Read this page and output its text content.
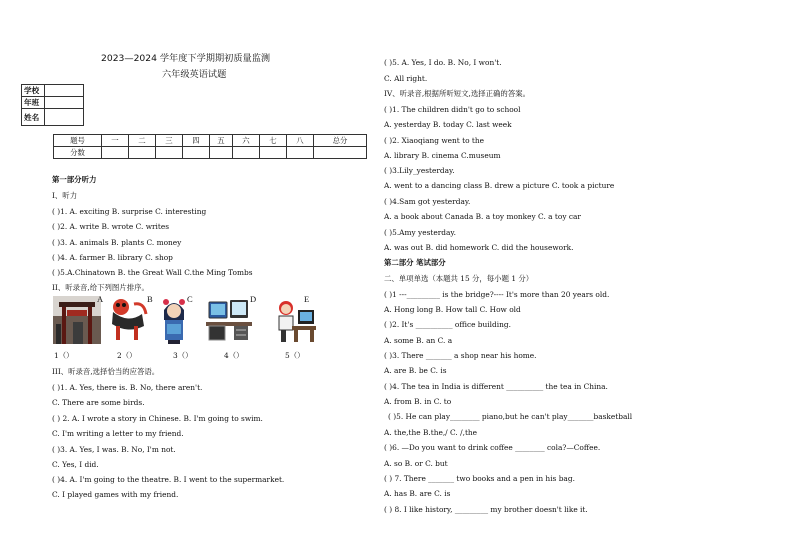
2023—2024 学年度下学期期初质量监测
六年级英语试题
学校	
年班	
姓名	
题号	一	二	三	四	五	六	七	八	总分
分数									
第一部分听力
I、听力
( )1. A. exciting B. surprise C. interesting
( )2. A. write B. wrote C. writes
( )3. A. animals B. plants C. money
( )4. A. farmer B. library C. shop
( )5.A.Chinatown B. the Great Wall C.the Ming Tombs
II、听录音,给下列图片排序。
A	B	C	D	E
1（）	2（）	3（）	4（）	5（）
III、听录音,选择恰当的应答语。
( )1. A. Yes, there is. B. No, there aren't.
C. There are some birds.
( ) 2. A. I wrote a story in Chinese. B. I'm going to swim.
C. I'm writing a letter to my friend.
( )3. A. Yes, I was. B. No, I'm not.
C. Yes, I did.
( )4. A. I'm going to the theatre. B. I went to the supermarket.
C. I played games with my friend.
( )5. A. Yes, I do. B. No, I won't.
C. All right.
IV、听录音,根据所听短文,选择正确的答案。
( )1. The children didn't go to school
A. yesterday B. today C. last week
( )2. Xiaoqiang went to the
A. library B. cinema C.museum
( )3.Lily_yesterday.
A. went to a dancing class B. drew a picture C. took a picture
( )4.Sam got yesterday.
A. a book about Canada B. a toy monkey C. a toy car
( )5.Amy yesterday.
A. was out B. did homework C. did the housework.
第二部分 笔试部分
二、单项单选（本题共 15 分，每小题 1 分）
( )1 ---_________ is the bridge?---- It's more than 20 years old.
A. Hong long B. How tall C. How old
( )2. It's __________ office building.
A. some B. an C. a
( )3. There _______ a shop near his home.
A. are B. be C. is
( )4. The tea in India is different __________ the tea in China.
A. from B. in C. to
( )5. He can play________ piano,but he can't play_______basketball
A. the,the B.the,/ C. /,the
( )6. —Do you want to drink coffee ________ cola?—Coffee.
A. so B. or C. but
( ) 7. There _______ two books and a pen in his bag.
A. has B. are C. is
( ) 8. I like history, _________ my brother doesn't like it.
